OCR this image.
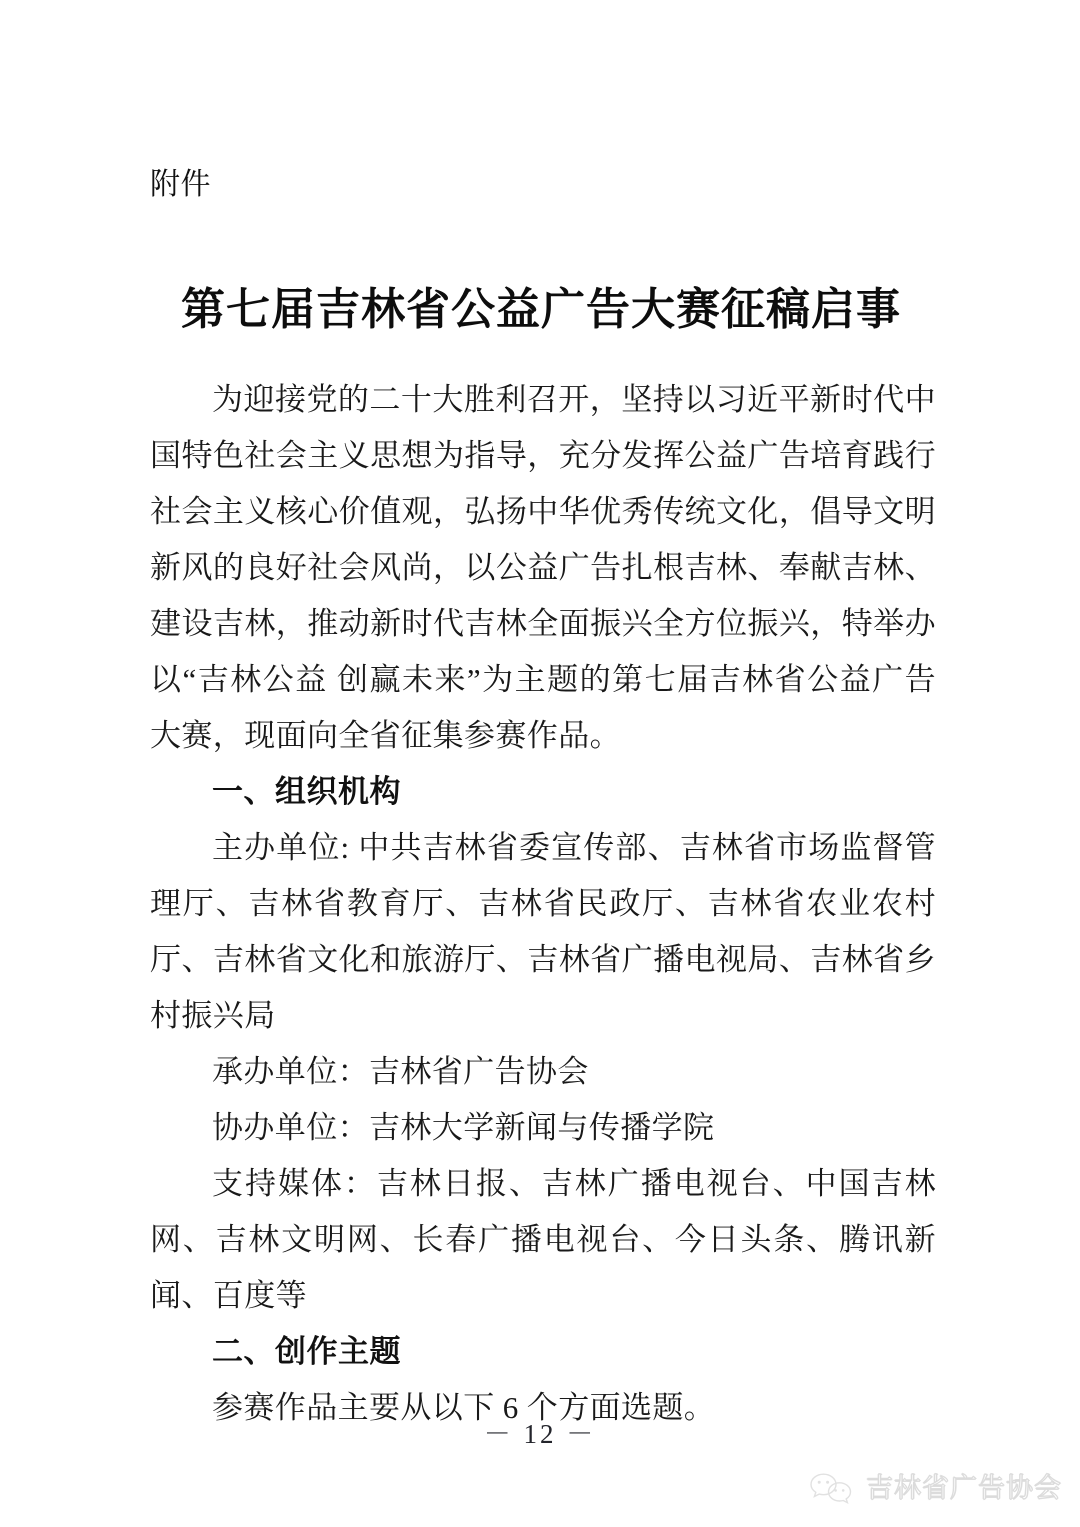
附件
第七届吉林省公益广告大赛征稿启事

为迎接党的二十大胜利召开，坚持以习近平新时代中国特色社会主义思想为指导，充分发挥公益广告培育践行社会主义核心价值观，弘扬中华优秀传统文化，倡导文明新风的良好社会风尚，以公益广告扎根吉林、奉献吉林、建设吉林，推动新时代吉林全面振兴全方位振兴，特举办以“吉林公益 创赢未来”为主题的第七届吉林省公益广告大赛，现面向全省征集参赛作品。

一、组织机构

主办单位: 中共吉林省委宣传部、吉林省市场监督管理厅、吉林省教育厅、吉林省民政厅、吉林省农业农村厅、吉林省文化和旅游厅、吉林省广播电视局、吉林省乡村振兴局

承办单位：吉林省广告协会

协办单位：吉林大学新闻与传播学院

支持媒体：吉林日报、吉林广播电视台、中国吉林网、吉林文明网、长春广播电视台、今日头条、腾讯新闻、百度等

二、创作主题

参赛作品主要从以下 6 个方面选题。

－ 12 －
吉林省广告协会
